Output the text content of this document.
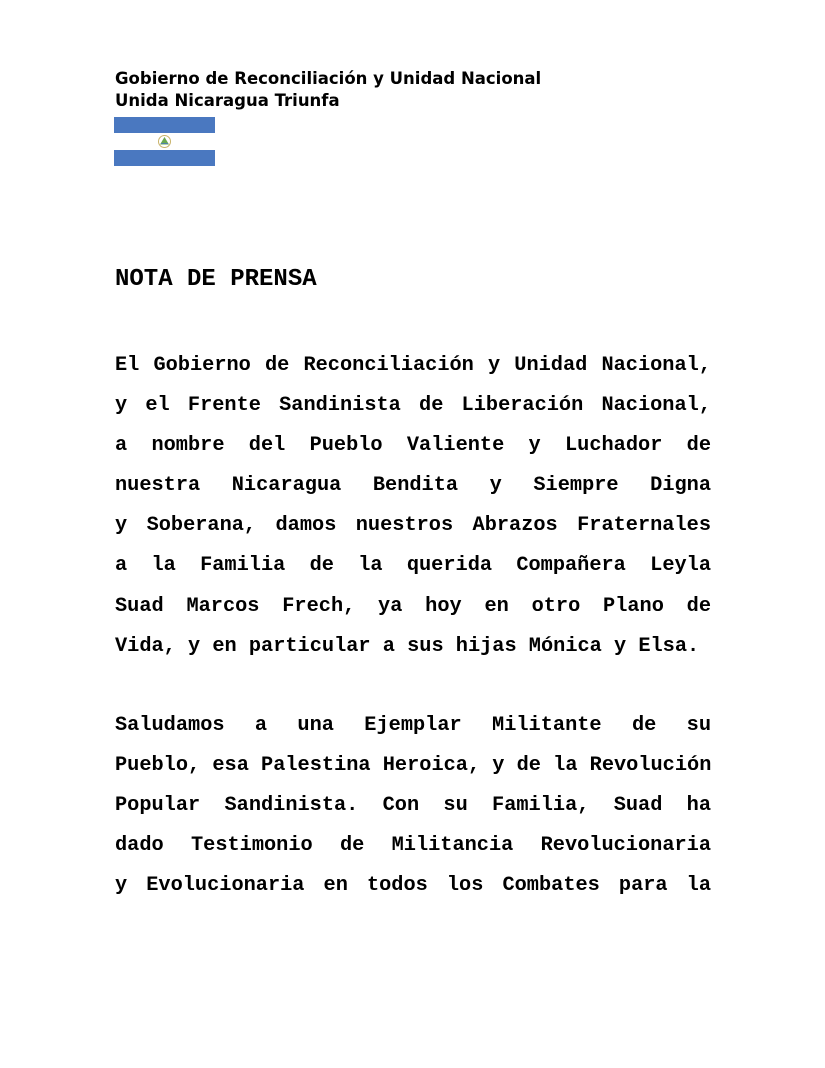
Gobierno de Reconciliación y Unidad Nacional
Unida Nicaragua Triunfa
NOTA DE PRENSA
El Gobierno de Reconciliación y Unidad Nacional,
y el Frente Sandinista de Liberación Nacional,
a nombre del Pueblo Valiente y Luchador de
nuestra Nicaragua Bendita y Siempre Digna
y Soberana, damos nuestros Abrazos Fraternales
a la Familia de la querida Compañera Leyla
Suad Marcos Frech, ya hoy en otro Plano de
Vida, y en particular a sus hijas Mónica y Elsa.
Saludamos a una Ejemplar Militante de su
Pueblo, esa Palestina Heroica, y de la Revolución
Popular Sandinista. Con su Familia, Suad ha
dado Testimonio de Militancia Revolucionaria
y Evolucionaria en todos los Combates para la
